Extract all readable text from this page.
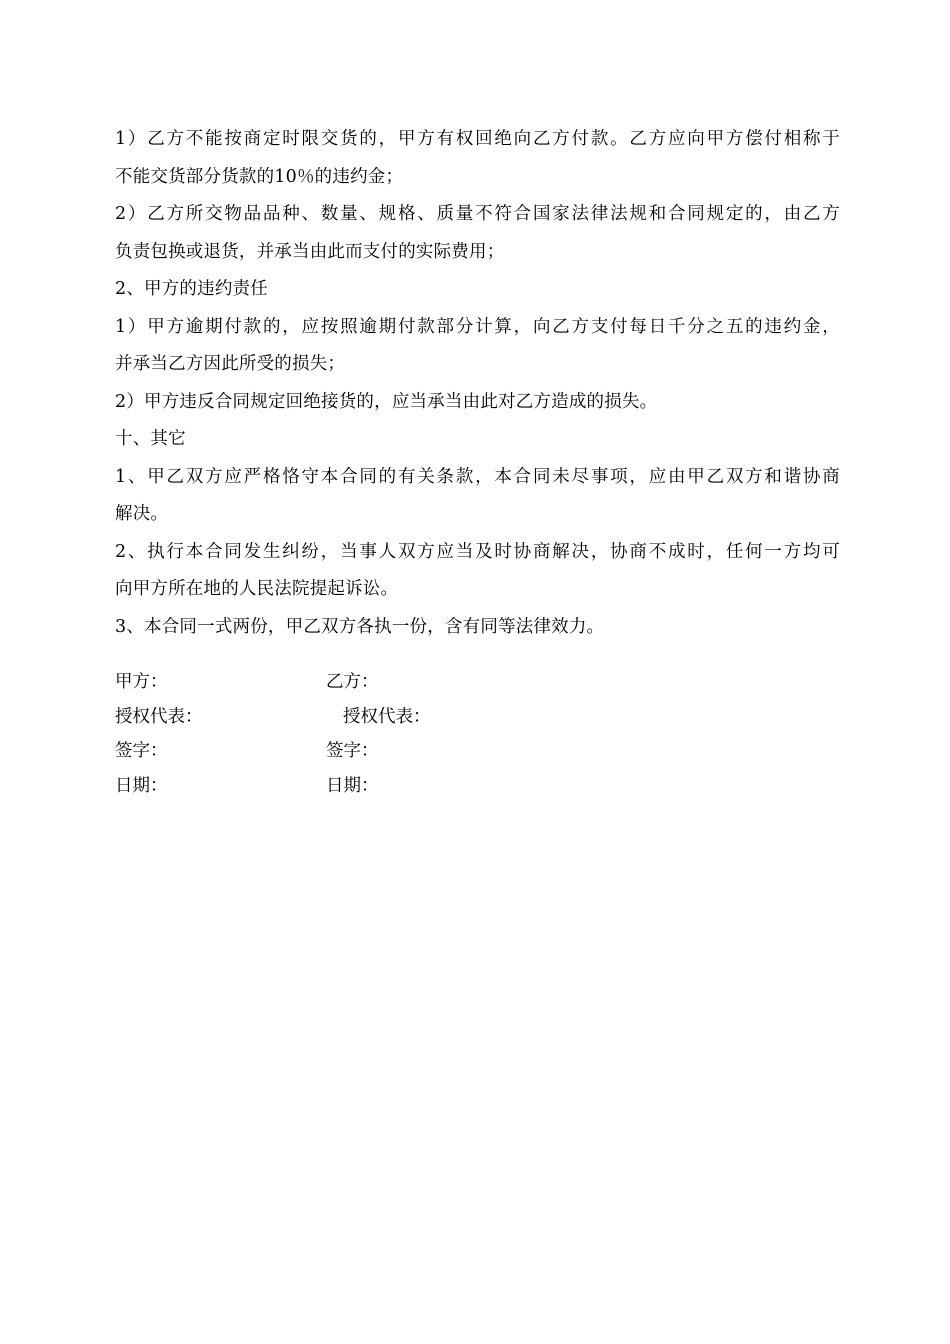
1）乙方不能按商定时限交货的，甲方有权回绝向乙方付款。乙方应向甲方偿付相称于
不能交货部分货款的10％的违约金；
2）乙方所交物品品种、数量、规格、质量不符合国家法律法规和合同规定的，由乙方
负责包换或退货，并承当由此而支付的实际费用；
2、甲方的违约责任
1）甲方逾期付款的，应按照逾期付款部分计算，向乙方支付每日千分之五的违约金，
并承当乙方因此所受的损失；
2）甲方违反合同规定回绝接货的，应当承当由此对乙方造成的损失。
十、其它
1、甲乙双方应严格恪守本合同的有关条款，本合同未尽事项，应由甲乙双方和谐协商
解决。
2、执行本合同发生纠纷，当事人双方应当及时协商解决，协商不成时，任何一方均可
向甲方所在地的人民法院提起诉讼。
3、本合同一式两份，甲乙双方各执一份，含有同等法律效力。
甲方：	乙方：
授权代表：	授权代表：
签字：	签字：
日期：	日期：
